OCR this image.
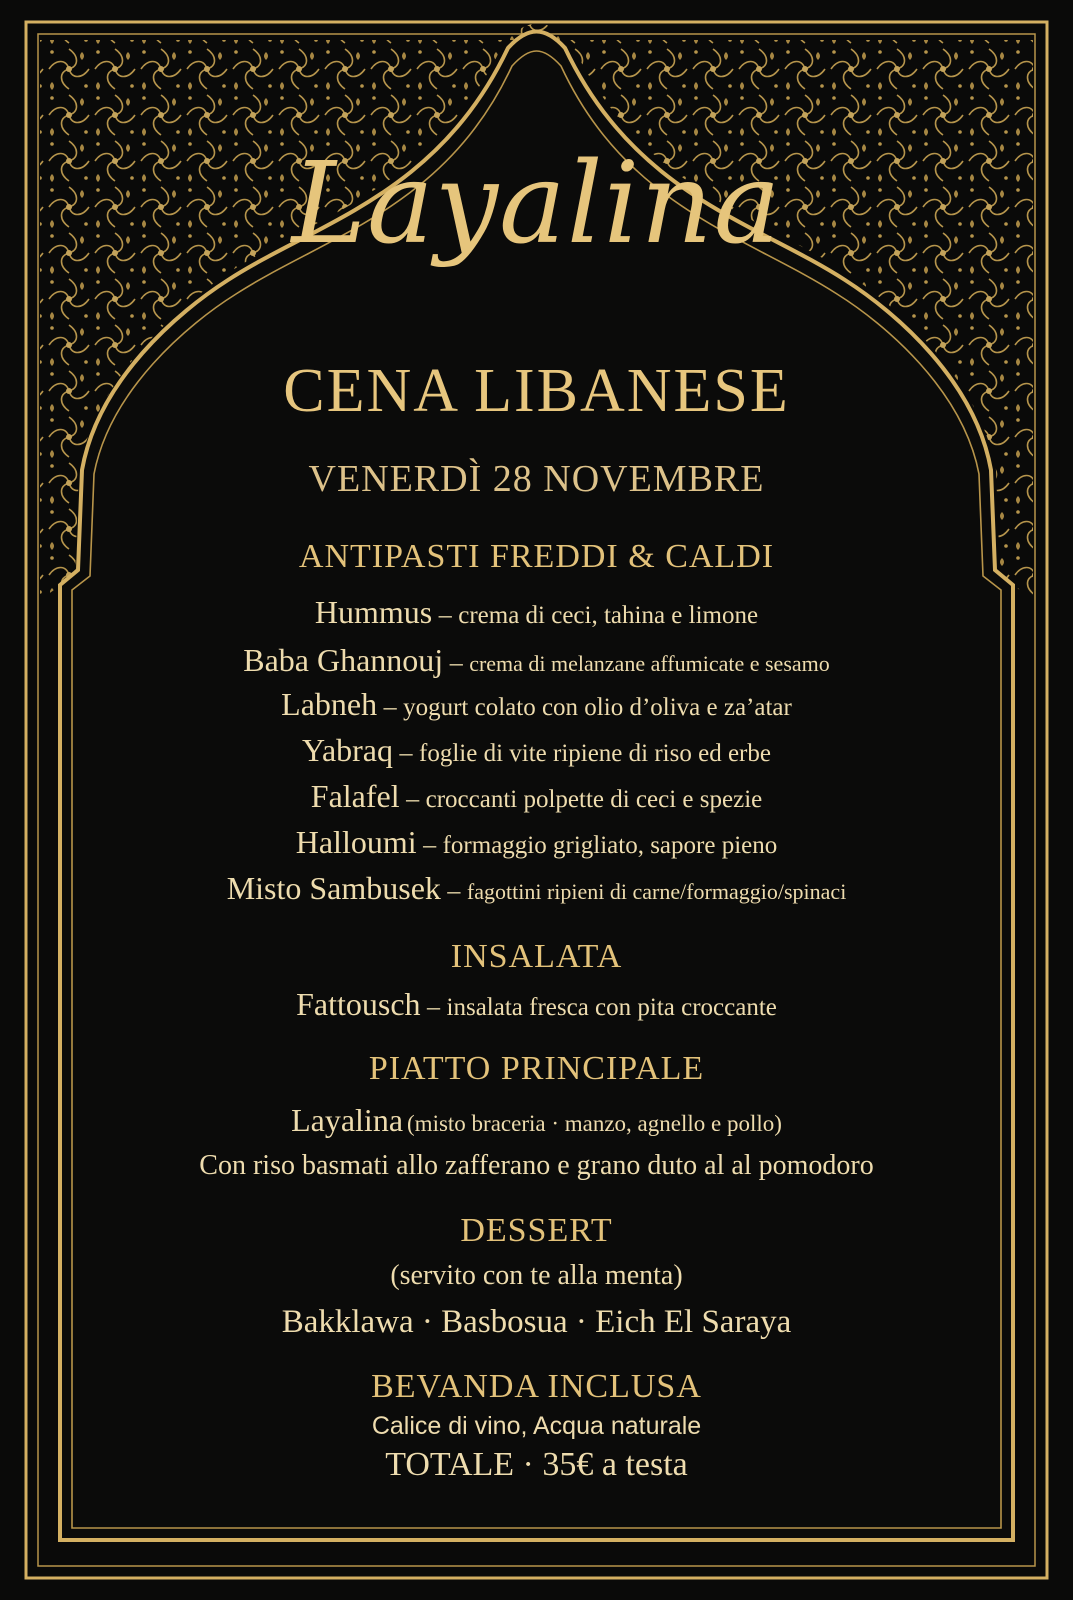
Layalina
CENA LIBANESE
VENERDÌ 28 NOVEMBRE
ANTIPASTI FREDDI & CALDI
Hummus – crema di ceci, tahina e limone
Baba Ghannouj – crema di melanzane affumicate e sesamo
Labneh – yogurt colato con olio d’oliva e za’atar
Yabraq – foglie di vite ripiene di riso ed erbe
Falafel – croccanti polpette di ceci e spezie
Halloumi – formaggio grigliato, sapore pieno
Misto Sambusek – fagottini ripieni di carne/formaggio/spinaci
INSALATA
Fattousch – insalata fresca con pita croccante
PIATTO PRINCIPALE
Layalina (misto braceria · manzo, agnello e pollo)
Con riso basmati allo zafferano e grano duto al al pomodoro
DESSERT
(servito con te alla menta)
Bakklawa · Basbosua · Eich El Saraya
BEVANDA INCLUSA
Calice di vino, Acqua naturale
TOTALE · 35€ a testa
